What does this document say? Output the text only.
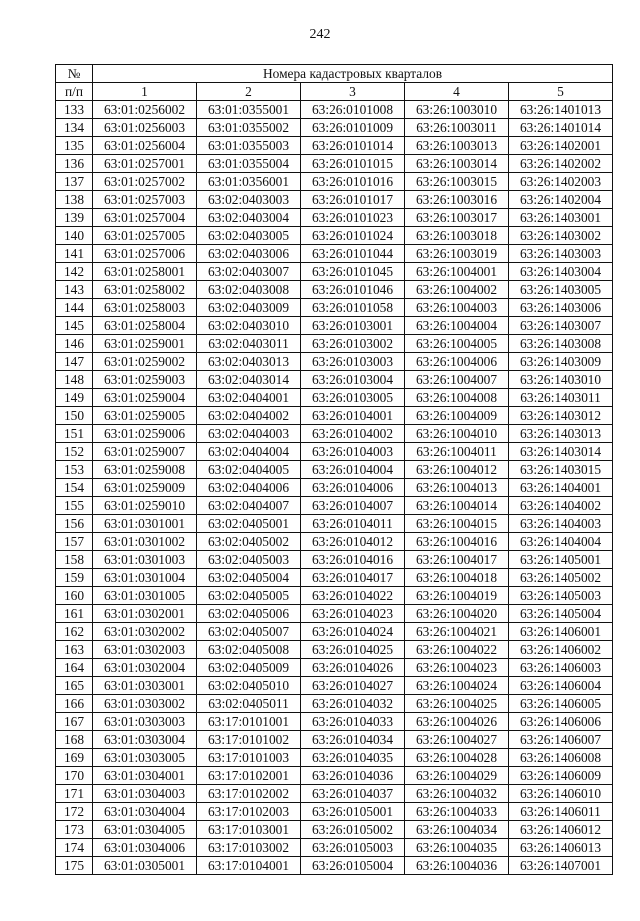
242
№	Номера кадастровых кварталов				
п/п	1	2	3	4	5
133	63:01:0256002	63:01:0355001	63:26:0101008	63:26:1003010	63:26:1401013
134	63:01:0256003	63:01:0355002	63:26:0101009	63:26:1003011	63:26:1401014
135	63:01:0256004	63:01:0355003	63:26:0101014	63:26:1003013	63:26:1402001
136	63:01:0257001	63:01:0355004	63:26:0101015	63:26:1003014	63:26:1402002
137	63:01:0257002	63:01:0356001	63:26:0101016	63:26:1003015	63:26:1402003
138	63:01:0257003	63:02:0403003	63:26:0101017	63:26:1003016	63:26:1402004
139	63:01:0257004	63:02:0403004	63:26:0101023	63:26:1003017	63:26:1403001
140	63:01:0257005	63:02:0403005	63:26:0101024	63:26:1003018	63:26:1403002
141	63:01:0257006	63:02:0403006	63:26:0101044	63:26:1003019	63:26:1403003
142	63:01:0258001	63:02:0403007	63:26:0101045	63:26:1004001	63:26:1403004
143	63:01:0258002	63:02:0403008	63:26:0101046	63:26:1004002	63:26:1403005
144	63:01:0258003	63:02:0403009	63:26:0101058	63:26:1004003	63:26:1403006
145	63:01:0258004	63:02:0403010	63:26:0103001	63:26:1004004	63:26:1403007
146	63:01:0259001	63:02:0403011	63:26:0103002	63:26:1004005	63:26:1403008
147	63:01:0259002	63:02:0403013	63:26:0103003	63:26:1004006	63:26:1403009
148	63:01:0259003	63:02:0403014	63:26:0103004	63:26:1004007	63:26:1403010
149	63:01:0259004	63:02:0404001	63:26:0103005	63:26:1004008	63:26:1403011
150	63:01:0259005	63:02:0404002	63:26:0104001	63:26:1004009	63:26:1403012
151	63:01:0259006	63:02:0404003	63:26:0104002	63:26:1004010	63:26:1403013
152	63:01:0259007	63:02:0404004	63:26:0104003	63:26:1004011	63:26:1403014
153	63:01:0259008	63:02:0404005	63:26:0104004	63:26:1004012	63:26:1403015
154	63:01:0259009	63:02:0404006	63:26:0104006	63:26:1004013	63:26:1404001
155	63:01:0259010	63:02:0404007	63:26:0104007	63:26:1004014	63:26:1404002
156	63:01:0301001	63:02:0405001	63:26:0104011	63:26:1004015	63:26:1404003
157	63:01:0301002	63:02:0405002	63:26:0104012	63:26:1004016	63:26:1404004
158	63:01:0301003	63:02:0405003	63:26:0104016	63:26:1004017	63:26:1405001
159	63:01:0301004	63:02:0405004	63:26:0104017	63:26:1004018	63:26:1405002
160	63:01:0301005	63:02:0405005	63:26:0104022	63:26:1004019	63:26:1405003
161	63:01:0302001	63:02:0405006	63:26:0104023	63:26:1004020	63:26:1405004
162	63:01:0302002	63:02:0405007	63:26:0104024	63:26:1004021	63:26:1406001
163	63:01:0302003	63:02:0405008	63:26:0104025	63:26:1004022	63:26:1406002
164	63:01:0302004	63:02:0405009	63:26:0104026	63:26:1004023	63:26:1406003
165	63:01:0303001	63:02:0405010	63:26:0104027	63:26:1004024	63:26:1406004
166	63:01:0303002	63:02:0405011	63:26:0104032	63:26:1004025	63:26:1406005
167	63:01:0303003	63:17:0101001	63:26:0104033	63:26:1004026	63:26:1406006
168	63:01:0303004	63:17:0101002	63:26:0104034	63:26:1004027	63:26:1406007
169	63:01:0303005	63:17:0101003	63:26:0104035	63:26:1004028	63:26:1406008
170	63:01:0304001	63:17:0102001	63:26:0104036	63:26:1004029	63:26:1406009
171	63:01:0304003	63:17:0102002	63:26:0104037	63:26:1004032	63:26:1406010
172	63:01:0304004	63:17:0102003	63:26:0105001	63:26:1004033	63:26:1406011
173	63:01:0304005	63:17:0103001	63:26:0105002	63:26:1004034	63:26:1406012
174	63:01:0304006	63:17:0103002	63:26:0105003	63:26:1004035	63:26:1406013
175	63:01:0305001	63:17:0104001	63:26:0105004	63:26:1004036	63:26:1407001
